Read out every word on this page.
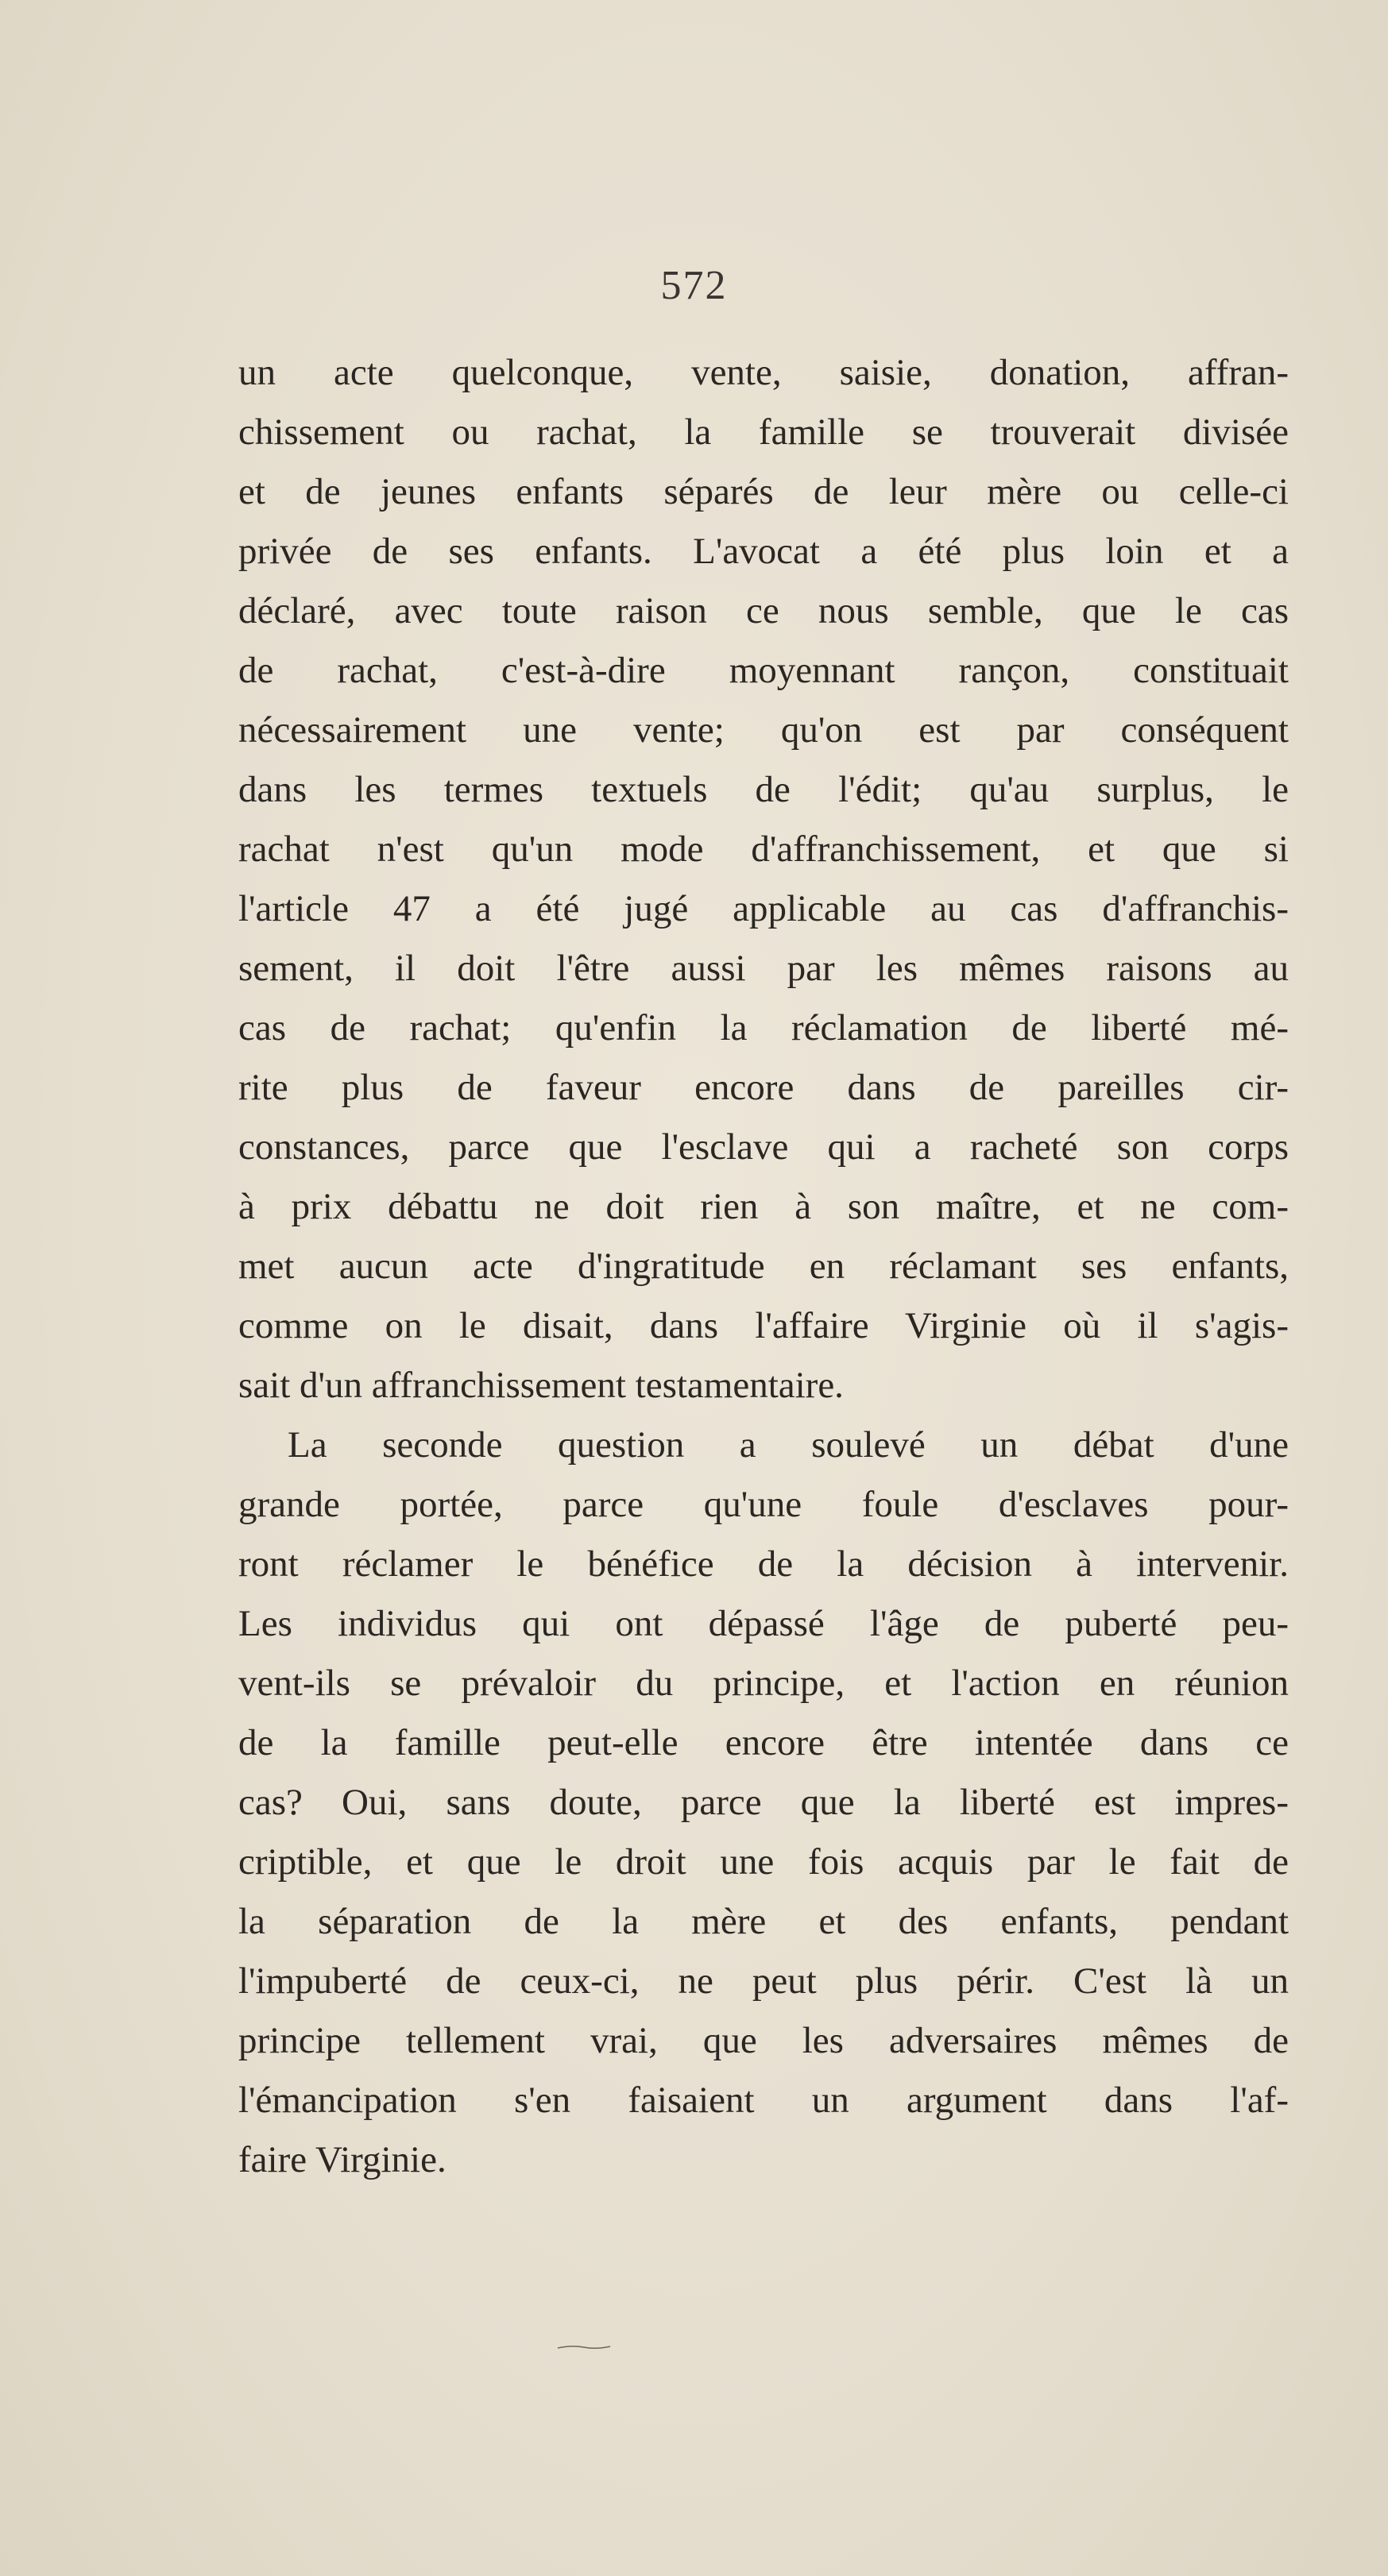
572
un acte quelconque, vente, saisie, donation, affran-
chissement ou rachat, la famille se trouverait divisée
et de jeunes enfants séparés de leur mère ou celle-ci
privée de ses enfants. L'avocat a été plus loin et a
déclaré, avec toute raison ce nous semble, que le cas
de rachat, c'est-à-dire moyennant rançon, constituait
nécessairement une vente; qu'on est par conséquent
dans les termes textuels de l'édit; qu'au surplus, le
rachat n'est qu'un mode d'affranchissement, et que si
l'article 47 a été jugé applicable au cas d'affranchis-
sement, il doit l'être aussi par les mêmes raisons au
cas de rachat; qu'enfin la réclamation de liberté mé-
rite plus de faveur encore dans de pareilles cir-
constances, parce que l'esclave qui a racheté son corps
à prix débattu ne doit rien à son maître, et ne com-
met aucun acte d'ingratitude en réclamant ses enfants,
comme on le disait, dans l'affaire Virginie où il s'agis-
sait d'un affranchissement testamentaire.
La seconde question a soulevé un débat d'une
grande portée, parce qu'une foule d'esclaves pour-
ront réclamer le bénéfice de la décision à intervenir.
Les individus qui ont dépassé l'âge de puberté peu-
vent-ils se prévaloir du principe, et l'action en réunion
de la famille peut-elle encore être intentée dans ce
cas? Oui, sans doute, parce que la liberté est impres-
criptible, et que le droit une fois acquis par le fait de
la séparation de la mère et des enfants, pendant
l'impuberté de ceux-ci, ne peut plus périr. C'est là un
principe tellement vrai, que les adversaires mêmes de
l'émancipation s'en faisaient un argument dans l'af-
faire Virginie.
